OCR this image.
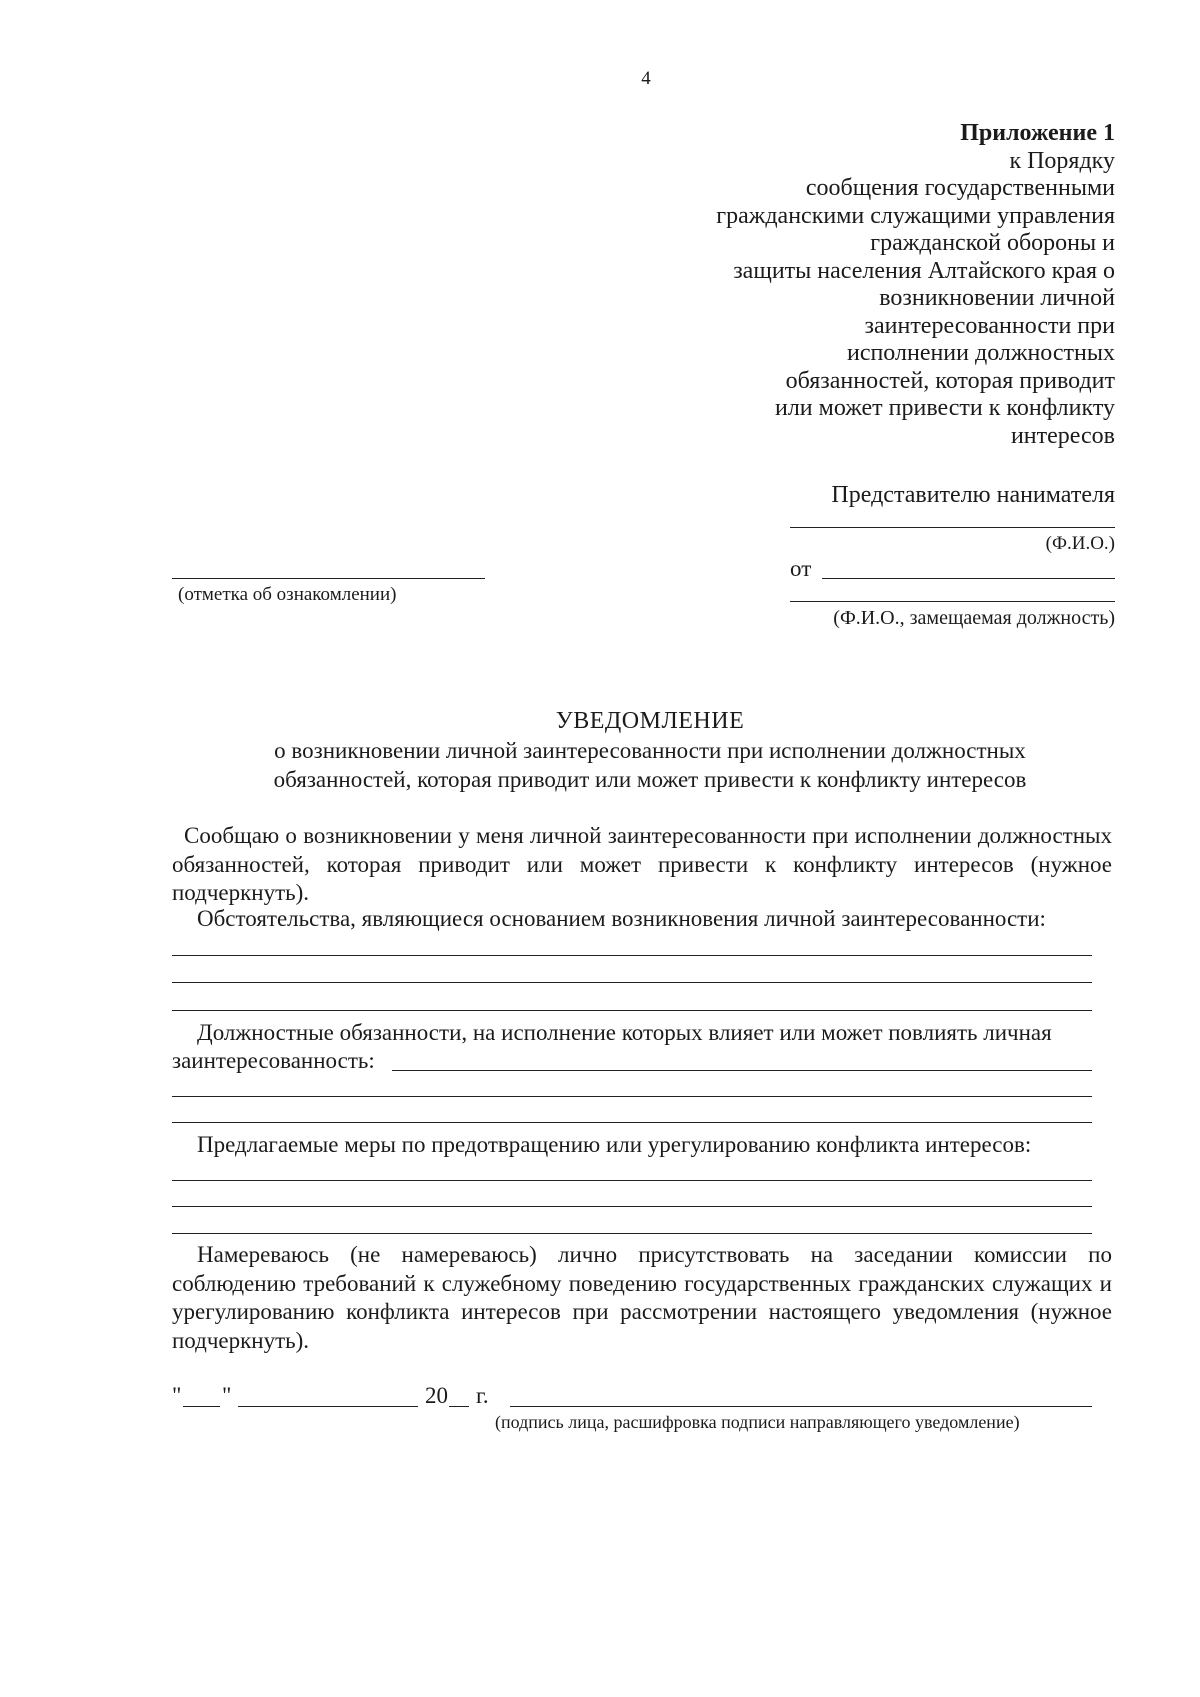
4
Приложение 1
к Порядку
сообщения государственными
гражданскими служащими управления
гражданской обороны и
защиты населения Алтайского края о
возникновении личной
заинтересованности при
исполнении должностных
обязанностей, которая приводит
или может привести к конфликту
интересов
Представителю нанимателя
(Ф.И.О.)
от
(Ф.И.О., замещаемая должность)
(отметка об ознакомлении)
УВЕДОМЛЕНИЕ
о возникновении личной заинтересованности при исполнении должностных
обязанностей, которая приводит или может привести к конфликту интересов
Сообщаю о возникновении у меня личной заинтересованности при исполнении должностных обязанностей, которая приводит или может привести к конфликту интересов (нужное подчеркнуть).
Обстоятельства, являющиеся основанием возникновения личной заинтересованности:
Должностные обязанности, на исполнение которых влияет или может повлиять личная
заинтересованность:
Предлагаемые меры по предотвращению или урегулированию конфликта интересов:
Намереваюсь (не намереваюсь) лично присутствовать на заседании комиссии по соблюдению требований к служебному поведению государственных гражданских служащих и урегулированию конфликта интересов при рассмотрении настоящего уведомления (нужное подчеркнуть).
" "	20 г.
(подпись лица, расшифровка подписи направляющего уведомление)
